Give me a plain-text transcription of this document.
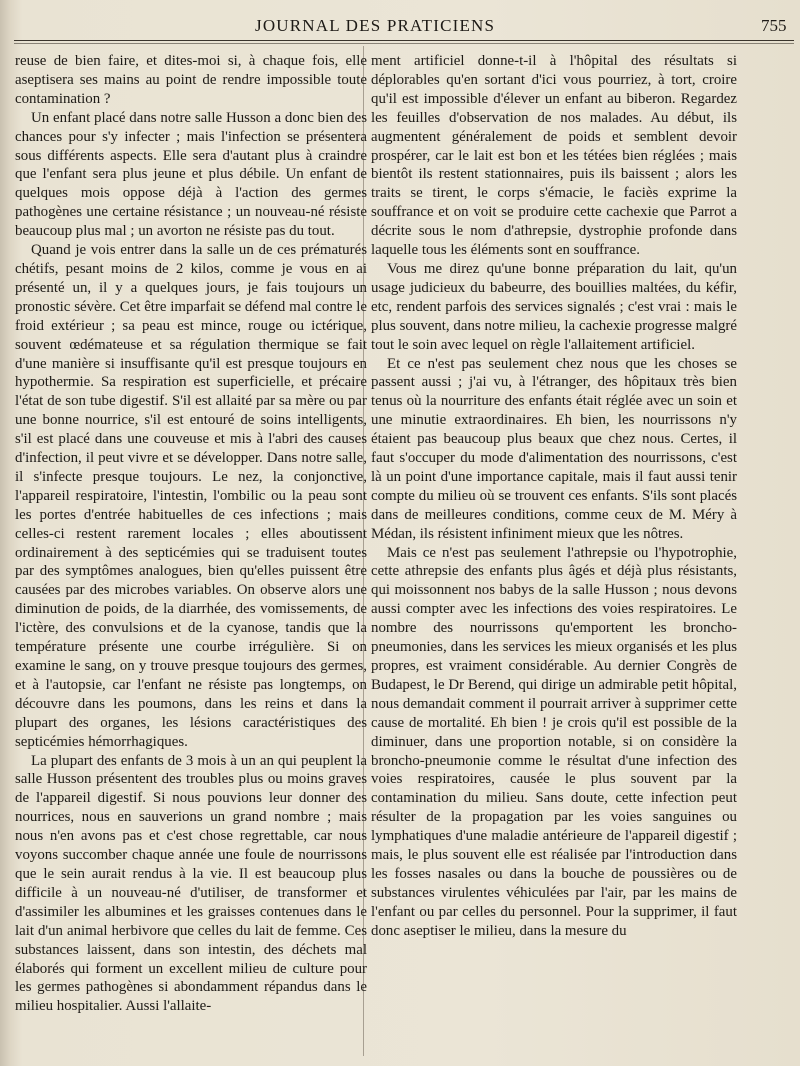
JOURNAL DES PRATICIENS	755

reuse de bien faire, et dites-moi si, à chaque fois, elle aseptisera ses mains au point de rendre impossible toute contamination ?

Un enfant placé dans notre salle Husson a donc bien des chances pour s'y infecter ; mais l'infection se présentera sous différents aspects. Elle sera d'autant plus à craindre que l'enfant sera plus jeune et plus débile. Un enfant de quelques mois oppose déjà à l'action des germes pathogènes une certaine résistance ; un nouveau-né résiste beaucoup plus mal ; un avorton ne résiste pas du tout.

Quand je vois entrer dans la salle un de ces prématurés chétifs, pesant moins de 2 kilos, comme je vous en ai présenté un, il y a quelques jours, je fais toujours un pronostic sévère. Cet être imparfait se défend mal contre le froid extérieur ; sa peau est mince, rouge ou ictérique, souvent œdémateuse et sa régulation thermique se fait d'une manière si insuffisante qu'il est presque toujours en hypothermie. Sa respiration est superficielle, et précaire l'état de son tube digestif. S'il est allaité par sa mère ou par une bonne nourrice, s'il est entouré de soins intelligents, s'il est placé dans une couveuse et mis à l'abri des causes d'infection, il peut vivre et se développer. Dans notre salle, il s'infecte presque toujours. Le nez, la conjonctive, l'appareil respiratoire, l'intestin, l'ombilic ou la peau sont les portes d'entrée habituelles de ces infections ; mais celles-ci restent rarement locales ; elles aboutissent ordinairement à des septicémies qui se traduisent toutes par des symptômes analogues, bien qu'elles puissent être causées par des microbes variables. On observe alors une diminution de poids, de la diarrhée, des vomissements, de l'ictère, des convulsions et de la cyanose, tandis que la température présente une courbe irrégulière. Si on examine le sang, on y trouve presque toujours des germes, et à l'autopsie, car l'enfant ne résiste pas longtemps, on découvre dans les poumons, dans les reins et dans la plupart des organes, les lésions caractéristiques des septicémies hémorrhagiques.

La plupart des enfants de 3 mois à un an qui peuplent la salle Husson présentent des troubles plus ou moins graves de l'appareil digestif. Si nous pouvions leur donner des nourrices, nous en sauverions un grand nombre ; mais nous n'en avons pas et c'est chose regrettable, car nous voyons succomber chaque année une foule de nourrissons que le sein aurait rendus à la vie. Il est beaucoup plus difficile à un nouveau-né d'utiliser, de transformer et d'assimiler les albumines et les graisses contenues dans le lait d'un animal herbivore que celles du lait de femme. Ces substances laissent, dans son intestin, des déchets mal élaborés qui forment un excellent milieu de culture pour les germes pathogènes si abondamment répandus dans le milieu hospitalier. Aussi l'allaite-

ment artificiel donne-t-il à l'hôpital des résultats si déplorables qu'en sortant d'ici vous pourriez, à tort, croire qu'il est impossible d'élever un enfant au biberon. Regardez les feuilles d'observation de nos malades. Au début, ils augmentent généralement de poids et semblent devoir prospérer, car le lait est bon et les tétées bien réglées ; mais bientôt ils restent stationnaires, puis ils baissent ; alors les traits se tirent, le corps s'émacie, le faciès exprime la souffrance et on voit se produire cette cachexie que Parrot a décrite sous le nom d'athrepsie, dystrophie profonde dans laquelle tous les éléments sont en souffrance.

Vous me direz qu'une bonne préparation du lait, qu'un usage judicieux du babeurre, des bouillies maltées, du kéfir, etc, rendent parfois des services signalés ; c'est vrai : mais le plus souvent, dans notre milieu, la cachexie progresse malgré tout le soin avec lequel on règle l'allaitement artificiel.

Et ce n'est pas seulement chez nous que les choses se passent aussi ; j'ai vu, à l'étranger, des hôpitaux très bien tenus où la nourriture des enfants était réglée avec un soin et une minutie extraordinaires. Eh bien, les nourrissons n'y étaient pas beaucoup plus beaux que chez nous. Certes, il faut s'occuper du mode d'alimentation des nourrissons, c'est là un point d'une importance capitale, mais il faut aussi tenir compte du milieu où se trouvent ces enfants. S'ils sont placés dans de meilleures conditions, comme ceux de M. Méry à Médan, ils résistent infiniment mieux que les nôtres.

Mais ce n'est pas seulement l'athrepsie ou l'hypotrophie, cette athrepsie des enfants plus âgés et déjà plus résistants, qui moissonnent nos babys de la salle Husson ; nous devons aussi compter avec les infections des voies respiratoires. Le nombre des nourrissons qu'emportent les broncho-pneumonies, dans les services les mieux organisés et les plus propres, est vraiment considérable. Au dernier Congrès de Budapest, le Dr Berend, qui dirige un admirable petit hôpital, nous demandait comment il pourrait arriver à supprimer cette cause de mortalité. Eh bien ! je crois qu'il est possible de la diminuer, dans une proportion notable, si on considère la broncho-pneumonie comme le résultat d'une infection des voies respiratoires, causée le plus souvent par la contamination du milieu. Sans doute, cette infection peut résulter de la propagation par les voies sanguines ou lymphatiques d'une maladie antérieure de l'appareil digestif ; mais, le plus souvent elle est réalisée par l'introduction dans les fosses nasales ou dans la bouche de poussières ou de substances virulentes véhiculées par l'air, par les mains de l'enfant ou par celles du personnel. Pour la supprimer, il faut donc aseptiser le milieu, dans la mesure du
